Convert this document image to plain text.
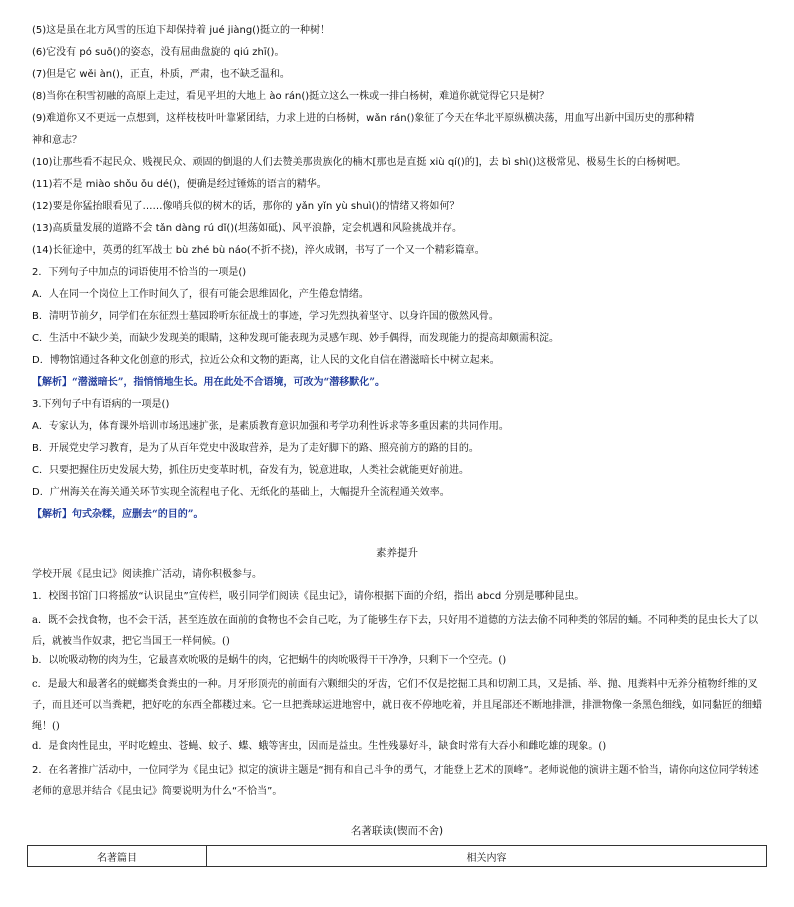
(5)这是虽在北方风雪的压迫下却保持着 jué jiàng()挺立的一种树！
(6)它没有 pó suō()的姿态，没有屈曲盘旋的 qiú zhī()。
(7)但是它 wěi àn()，正直，朴质，严肃，也不缺乏温和。
(8)当你在积雪初融的高原上走过，看见平坦的大地上 ào rán()挺立这么一株或一排白杨树，难道你就觉得它只是树？
(9)难道你又不更远一点想到，这样枝枝叶叶靠紧团结，力求上进的白杨树，wǎn rán()象征了今天在华北平原纵横决荡，用血写出新中国历史的那种精
神和意志？
(10)让那些看不起民众、贱视民众、顽固的倒退的人们去赞美那贵族化的楠木[那也是直挺 xiù qí()的]，去 bì shì()这极常见、极易生长的白杨树吧。
(11)若不是 miào shǒu ǒu dé()，便确是经过锤炼的语言的精华。
(12)要是你猛抬眼看见了……像哨兵似的树木的话，那你的 yǎn yǐn yù shuì()的情绪又将如何？
(13)高质量发展的道路不会 tǎn dàng rú dǐ()(坦荡如砥)、风平浪静，定会机遇和风险挑战并存。
(14)长征途中，英勇的红军战士 bù zhé bù náo(不折不挠)，淬火成钢，书写了一个又一个精彩篇章。
2．下列句子中加点的词语使用不恰当的一项是()
A．人在同一个岗位上工作时间久了，很有可能会思维固化，产生倦怠情绪。
B．清明节前夕，同学们在东征烈士墓园聆听东征战士的事迹，学习先烈执着坚守、以身许国的傲然风骨。
C．生活中不缺少美，而缺少发现美的眼睛，这种发现可能表现为灵感乍现、妙手偶得，而发现能力的提高却颇需积淀。
D．博物馆通过各种文化创意的形式，拉近公众和文物的距离，让人民的文化自信在潜滋暗长中树立起来。
【解析】“潜滋暗长”，指悄悄地生长。用在此处不合语境，可改为“潜移默化”。
3.下列句子中有语病的一项是()
A．专家认为，体育课外培训市场迅速扩张，是素质教育意识加强和考学功利性诉求等多重因素的共同作用。
B．开展党史学习教育，是为了从百年党史中汲取营养，是为了走好脚下的路、照亮前方的路的目的。
C．只要把握住历史发展大势，抓住历史变革时机，奋发有为，锐意进取，人类社会就能更好前进。
D．广州海关在海关通关环节实现全流程电子化、无纸化的基础上，大幅提升全流程通关效率。
【解析】句式杂糅，应删去“的目的”。
素养提升
学校开展《昆虫记》阅读推广活动，请你积极参与。
1．校图书馆门口将摇放“认识昆虫”宣传栏，吸引同学们阅读《昆虫记》，请你根据下面的介绍，指出 abcd 分别是哪种昆虫。
a．既不会找食物，也不会干活，甚至连放在面前的食物也不会自己吃，为了能够生存下去，只好用不道德的方法去偷不同种类的邻居的蛹。不同种类的昆虫长大了以后，就被当作奴隶，把它当国王一样伺候。()
b．以吮吸动物的肉为生，它最喜欢吮吸的是蜗牛的肉，它把蜗牛的肉吮吸得干干净净，只剩下一个空壳。()
c．是最大和最著名的蜣螂类食粪虫的一种。月牙形顶壳的前面有六颗细尖的牙齿，它们不仅是挖掘工具和切割工具，又是插、举、抛、甩粪料中无养分植物纤维的叉子，而且还可以当粪耙，把好吃的东西全都耧过来。它一旦把粪球运进地窖中，就日夜不停地吃着，并且尾部还不断地排泄，排泄物像一条黑色细线，如同黏匠的细蜡绳！()
d．是食肉性昆虫，平时吃蝗虫、苍蝇、蚊子、蝶、蛾等害虫，因而是益虫。生性残暴好斗，缺食时常有大吞小和雌吃雄的现象。()
2．在名著推广活动中，一位同学为《昆虫记》拟定的演讲主题是“拥有和自己斗争的勇气，才能登上艺术的顶峰”。老师说他的演讲主题不恰当，请你向这位同学转述老师的意思并结合《昆虫记》简要说明为什么“不恰当”。
名著联读(锲而不舍)
名著篇目	相关内容
